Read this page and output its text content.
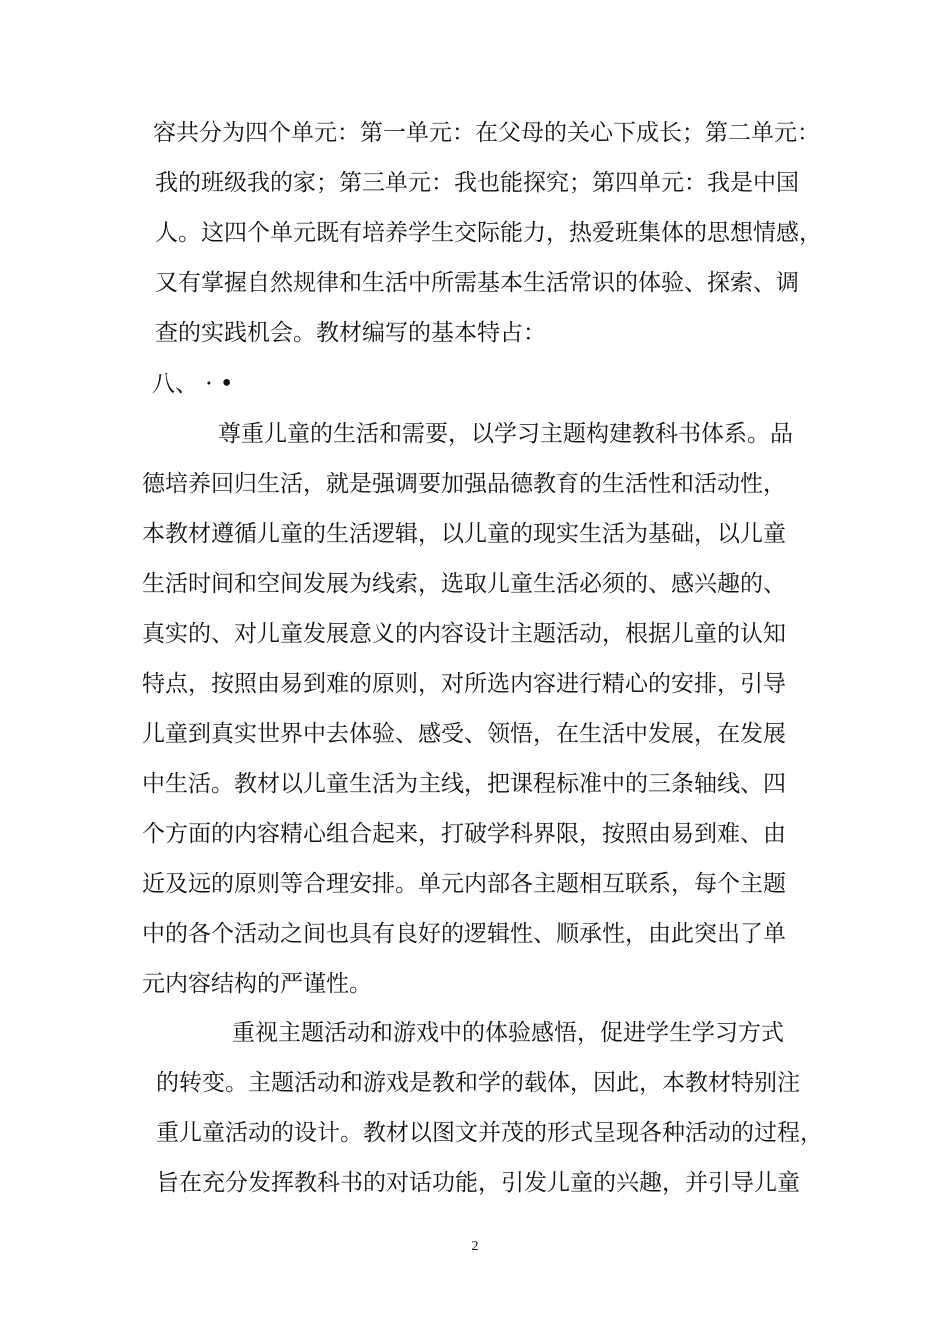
容共分为四个单元：第一单元：在父母的关心下成长；第二单元：
我的班级我的家；第三单元：我也能探究；第四单元：我是中国
人。这四个单元既有培养学生交际能力，热爱班集体的思想情感，
又有掌握自然规律和生活中所需基本生活常识的体验、探索、调
查的实践机会。教材编写的基本特占：
八、 · •
尊重儿童的生活和需要，以学习主题构建教科书体系。品
德培养回归生活，就是强调要加强品德教育的生活性和活动性，
本教材遵循儿童的生活逻辑，以儿童的现实生活为基础，以儿童
生活时间和空间发展为线索，选取儿童生活必须的、感兴趣的、
真实的、对儿童发展意义的内容设计主题活动，根据儿童的认知
特点，按照由易到难的原则，对所选内容进行精心的安排，引导
儿童到真实世界中去体验、感受、领悟，在生活中发展，在发展
中生活。教材以儿童生活为主线，把课程标准中的三条轴线、四
个方面的内容精心组合起来，打破学科界限，按照由易到难、由
近及远的原则等合理安排。单元内部各主题相互联系，每个主题
中的各个活动之间也具有良好的逻辑性、顺承性，由此突出了单
元内容结构的严谨性。
重视主题活动和游戏中的体验感悟，促进学生学习方式
的转变。主题活动和游戏是教和学的载体，因此，本教材特别注
重儿童活动的设计。教材以图文并茂的形式呈现各种活动的过程，
旨在充分发挥教科书的对话功能，引发儿童的兴趣，并引导儿童
2
